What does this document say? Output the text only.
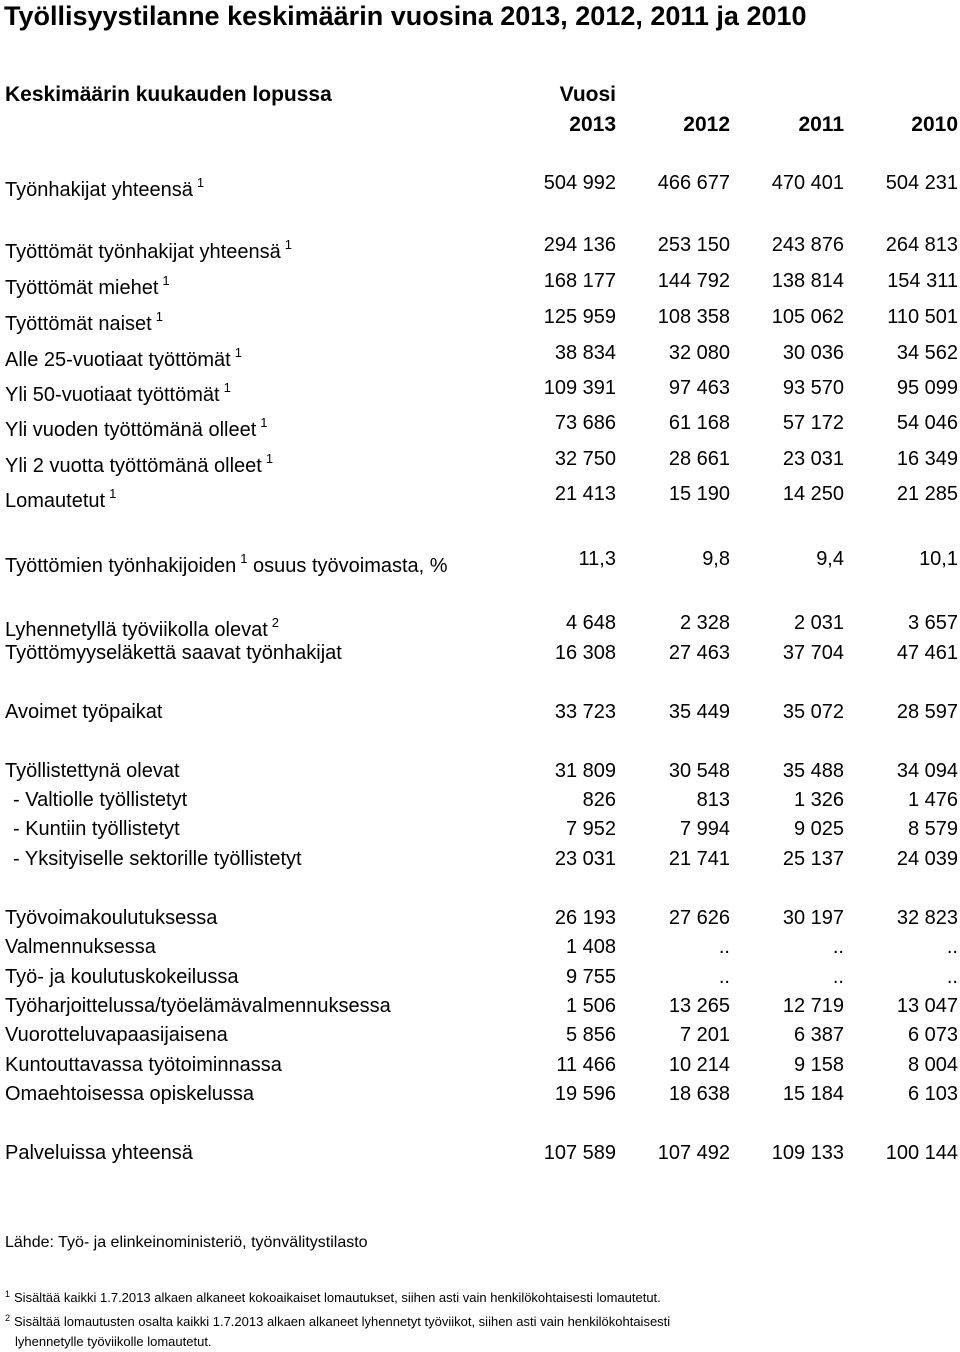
Työllisyystilanne keskimäärin vuosina 2013, 2012, 2011 ja 2010
Keskimäärin kuukauden lopussa	Vuosi
2013	2012	2011	2010
Työnhakijat yhteensä $^1$	504 992	466 677	470 401	504 231
Työttömät työnhakijat yhteensä $^1$	294 136	253 150	243 876	264 813
Työttömät miehet $^1$	168 177	144 792	138 814	154 311
Työttömät naiset $^1$	125 959	108 358	105 062	110 501
Alle 25-vuotiaat työttömät $^1$	38 834	32 080	30 036	34 562
Yli 50-vuotiaat työttömät $^1$	109 391	97 463	93 570	95 099
Yli vuoden työttömänä olleet $^1$	73 686	61 168	57 172	54 046
Yli 2 vuotta työttömänä olleet $^1$	32 750	28 661	23 031	16 349
Lomautetut $^1$	21 413	15 190	14 250	21 285
Työttömien työnhakijoiden $^1$ osuus työvoimasta, %	11,3	9,8	9,4	10,1
Lyhennetyllä työviikolla olevat $^2$	4 648	2 328	2 031	3 657
Työttömyyseläkettä saavat työnhakijat	16 308	27 463	37 704	47 461
Avoimet työpaikat	33 723	35 449	35 072	28 597
Työllistettynä olevat	31 809	30 548	35 488	34 094
- Valtiolle työllistetyt	826	813	1 326	1 476
- Kuntiin työllistetyt	7 952	7 994	9 025	8 579
- Yksityiselle sektorille työllistetyt	23 031	21 741	25 137	24 039
Työvoimakoulutuksessa	26 193	27 626	30 197	32 823
Valmennuksessa	1 408	..	..	..
Työ- ja koulutuskokeilussa	9 755	..	..	..
Työharjoittelussa/työelämävalmennuksessa	1 506	13 265	12 719	13 047
Vuorotteluvapaasijaisena	5 856	7 201	6 387	6 073
Kuntouttavassa työtoiminnassa	11 466	10 214	9 158	8 004
Omaehtoisessa opiskelussa	19 596	18 638	15 184	6 103
Palveluissa yhteensä	107 589	107 492	109 133	100 144
Lähde: Työ- ja elinkeinoministeriö, työnvälitystilasto
$^1$ Sisältää kaikki 1.7.2013 alkaen alkaneet kokoaikaiset lomautukset, siihen asti vain henkilökohtaisesti lomautetut.
$^2$ Sisältää lomautusten osalta kaikki 1.7.2013 alkaen alkaneet lyhennetyt työviikot, siihen asti vain henkilökohtaisesti
lyhennetylle työviikolle lomautetut.
